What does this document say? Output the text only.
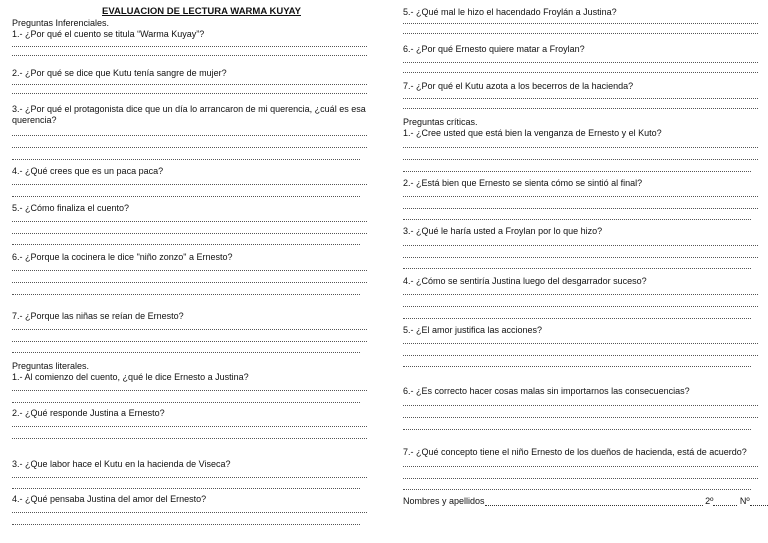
EVALUACION DE LECTURA WARMA KUYAY
Preguntas Inferenciales.
1.- ¿Por qué el cuento se titula “Warma Kuyay”?
2.- ¿Por qué se dice que Kutu tenía sangre de mujer?
3.- ¿Por qué el protagonista dice que un día lo arrancaron de mi querencia, ¿cuál es esa querencia?
4.- ¿Qué crees que es un paca paca?
5.- ¿Cómo finaliza el cuento?
6.- ¿Porque la cocinera le dice "niño zonzo" a Ernesto?
7.- ¿Porque las niñas se reían de Ernesto?
Preguntas literales.
1.- Al comienzo del cuento, ¿qué le dice Ernesto a Justina?
2.- ¿Qué responde Justina a Ernesto?
3.- ¿Que labor hace el Kutu en la hacienda de Viseca?
4.- ¿Qué pensaba Justina del amor del Ernesto?
5.- ¿Qué mal le hizo el hacendado Froylán a Justina?
6.- ¿Por qué Ernesto quiere matar a Froylan?
7.- ¿Por qué el Kutu azota a los becerros de la hacienda?
Preguntas críticas.
1.- ¿Cree usted que está bien la venganza de Ernesto y el Kuto?
2.- ¿Está bien que Ernesto se sienta cómo se sintió al final?
3.- ¿Qué le haría usted a Froylan por lo que hizo?
4.- ¿Cómo se sentiría Justina luego del desgarrador suceso?
5.- ¿El amor justifica las acciones?
6.- ¿Es correcto hacer cosas malas sin importarnos las consecuencias?
7.- ¿Qué concepto tiene el niño Ernesto de los dueños de hacienda, está de acuerdo?
Nombres y apellidos	2º	Nº
